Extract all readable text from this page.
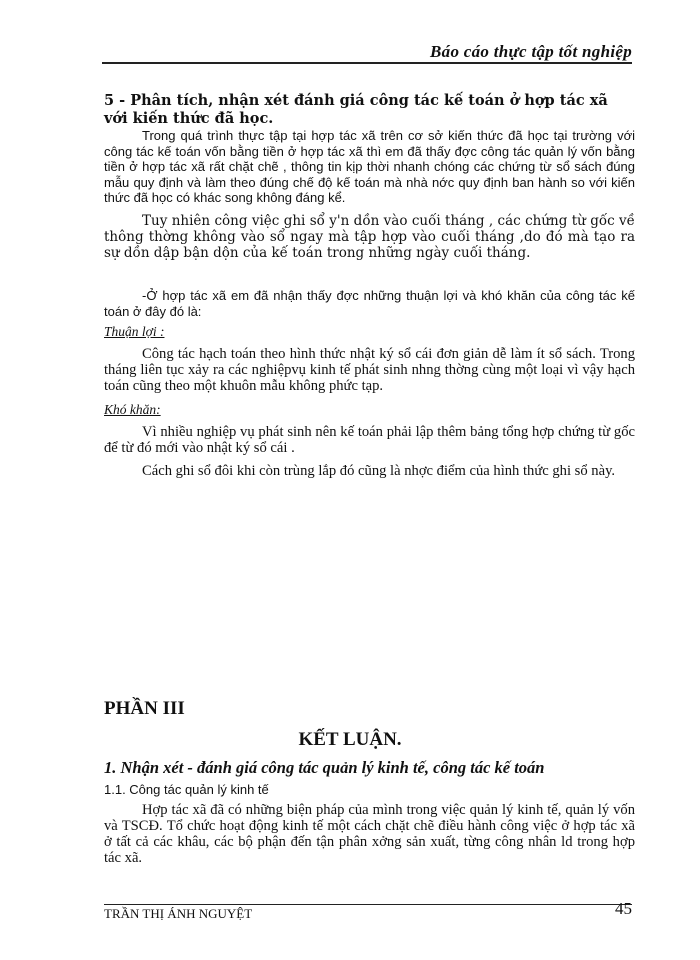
Báo cáo thực tập tốt nghiệp
5 - Phân tích, nhận xét đánh giá công tác kế toán ở hợp tác xã với kiến thức đã học.
Trong quá trình thực tập tại hợp tác xã trên cơ sở kiến thức đã học tại trường với công tác kế toán vốn bằng tiền ở hợp tác xã thì em đã thấy đợc công tác quản lý vốn bằng tiền ở hợp tác xã rất chặt chẽ , thông tin kịp thời nhanh chóng các chứng từ sổ sách đúng mẫu quy định và làm theo đúng chế độ kế toán mà nhà nớc quy định ban hành so với kiến thức đã học có khác song không đáng kể.
Tuy nhiên công việc ghi sổ y'n dồn vào cuối tháng , các chứng từ gốc về thông thờng không vào sổ ngay mà tập hợp vào cuối tháng ,do đó mà tạo ra sự dồn dập bận dộn của kế toán trong những ngày cuối tháng.
-Ở hợp tác xã em đã nhận thấy đợc những thuận lợi và khó khăn của công tác kế toán ở đây đó là:
Thuận lợi :
Công tác hạch toán theo hình thức nhật ký sổ cái đơn giản dễ làm ít sổ sách. Trong tháng liên tục xảy ra các nghiệpvụ kinh tế phát sinh nhng thờng cùng một loại vì vậy hạch toán cũng theo một khuôn mẫu không phức tạp.
Khó khăn:
Vì nhiều nghiệp vụ phát sinh nên kế toán phải lập thêm bảng tổng hợp chứng từ gốc để từ đó mới vào nhật ký sổ cái .
Cách ghi sổ đôi khi còn trùng lắp đó cũng là nhợc điểm của hình thức ghi sổ này.
PHẦN III
KẾT LUẬN.
1. Nhận xét - đánh giá công tác quản lý kinh tế, công tác kế toán
1.1. Công tác quản lý kinh tế
Hợp tác xã đã có những biện pháp của mình trong việc quản lý kinh tế, quản lý vốn và TSCĐ. Tổ chức hoạt động kinh tế một cách chặt chẽ điều hành công việc ở hợp tác xã ở tất cả các khâu, các bộ phận đến tận phân xởng sản xuất, từng công nhân ld trong hợp tác xã.
TRẦN THỊ ÁNH NGUYỆT	45
